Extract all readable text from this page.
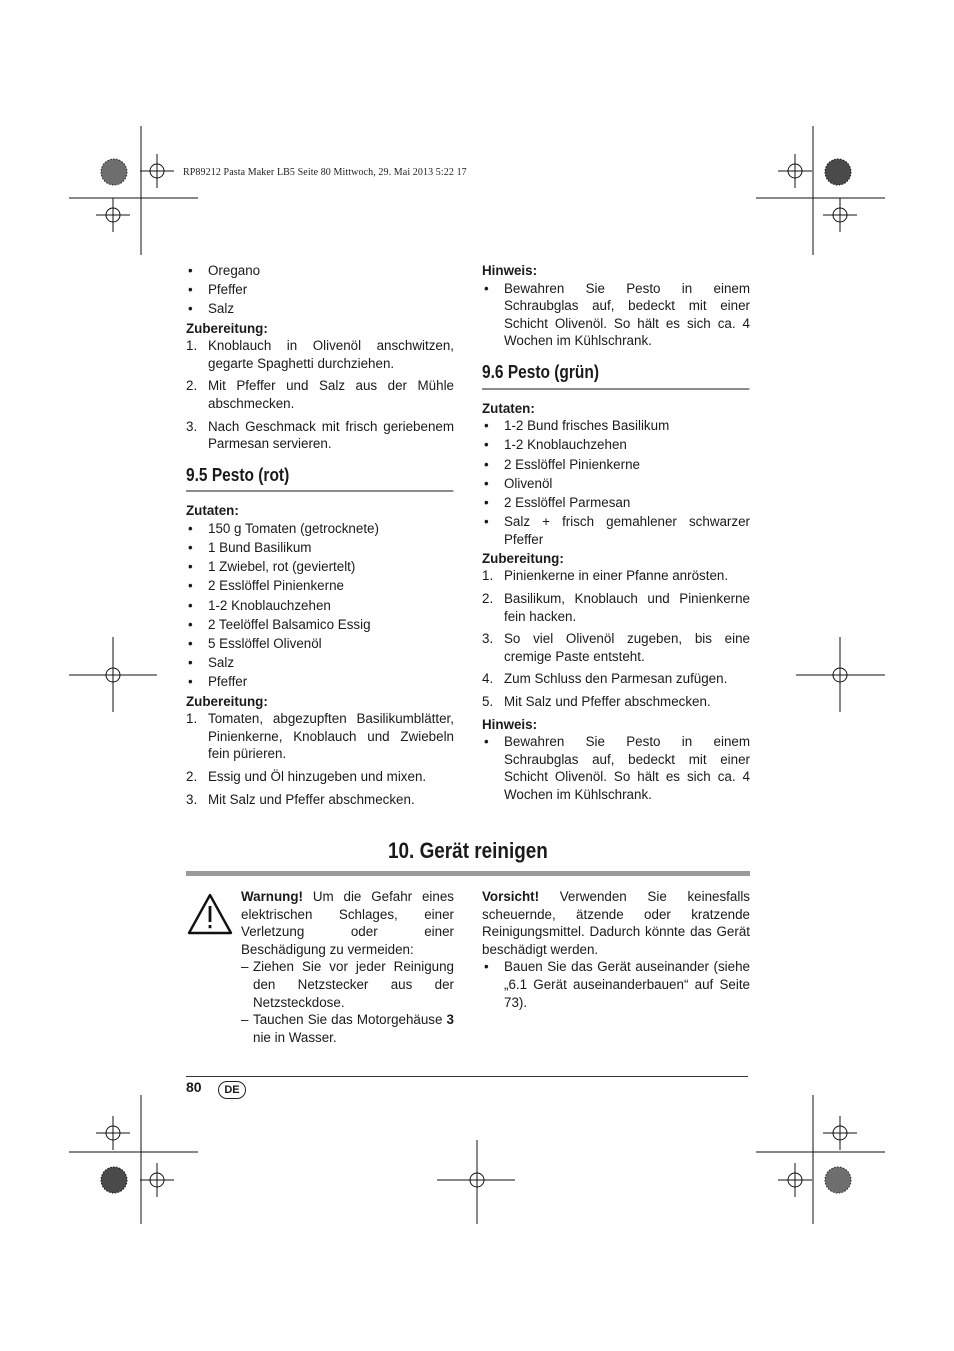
RP89212 Pasta Maker LB5 Seite 80 Mittwoch, 29. Mai 2013 5:22 17
• Oregano
• Pfeffer
• Salz

Zubereitung:

1. Knoblauch in Olivenöl anschwitzen, gegarte Spaghetti durchziehen.
2. Mit Pfeffer und Salz aus der Mühle abschmecken.
3. Nach Geschmack mit frisch geriebenem Parmesan servieren.
9.5 Pesto (rot)

Zutaten:

• 150 g Tomaten (getrocknete)
• 1 Bund Basilikum
• 1 Zwiebel, rot (geviertelt)
• 2 Esslöffel Pinienkerne
• 1-2 Knoblauchzehen
• 2 Teelöffel Balsamico Essig
• 5 Esslöffel Olivenöl
• Salz
• Pfeffer

Zubereitung:

1. Tomaten, abgezupften Basilikumblätter, Pinienkerne, Knoblauch und Zwiebeln fein pürieren.
2. Essig und Öl hinzugeben und mixen.
3. Mit Salz und Pfeffer abschmecken.

Hinweis:

• Bewahren Sie Pesto in einem Schraubglas auf, bedeckt mit einer Schicht Olivenöl. So hält es sich ca. 4 Wochen im Kühlschrank.
9.6 Pesto (grün)

Zutaten:

• 1-2 Bund frisches Basilikum
• 1-2 Knoblauchzehen
• 2 Esslöffel Pinienkerne
• Olivenöl
• 2 Esslöffel Parmesan
• Salz + frisch gemahlener schwarzer Pfeffer

Zubereitung:

1. Pinienkerne in einer Pfanne anrösten.
2. Basilikum, Knoblauch und Pinienkerne fein hacken.
3. So viel Olivenöl zugeben, bis eine cremige Paste entsteht.
4. Zum Schluss den Parmesan zufügen.
5. Mit Salz und Pfeffer abschmecken.

Hinweis:

• Bewahren Sie Pesto in einem Schraubglas auf, bedeckt mit einer Schicht Olivenöl. So hält es sich ca. 4 Wochen im Kühlschrank.
10. Gerät reinigen
Warnung! Um die Gefahr eines elektrischen Schlages, einer Verletzung oder einer Beschädigung zu vermeiden:
– Ziehen Sie vor jeder Reinigung den Netzstecker aus der Netzsteckdose.
– Tauchen Sie das Motorgehäuse 3 nie in Wasser.

Vorsicht! Verwenden Sie keinesfalls scheuernde, ätzende oder kratzende Reinigungsmittel. Dadurch könnte das Gerät beschädigt werden.

• Bauen Sie das Gerät auseinander (siehe „6.1 Gerät auseinanderbauen“ auf Seite 73).
80	DE
